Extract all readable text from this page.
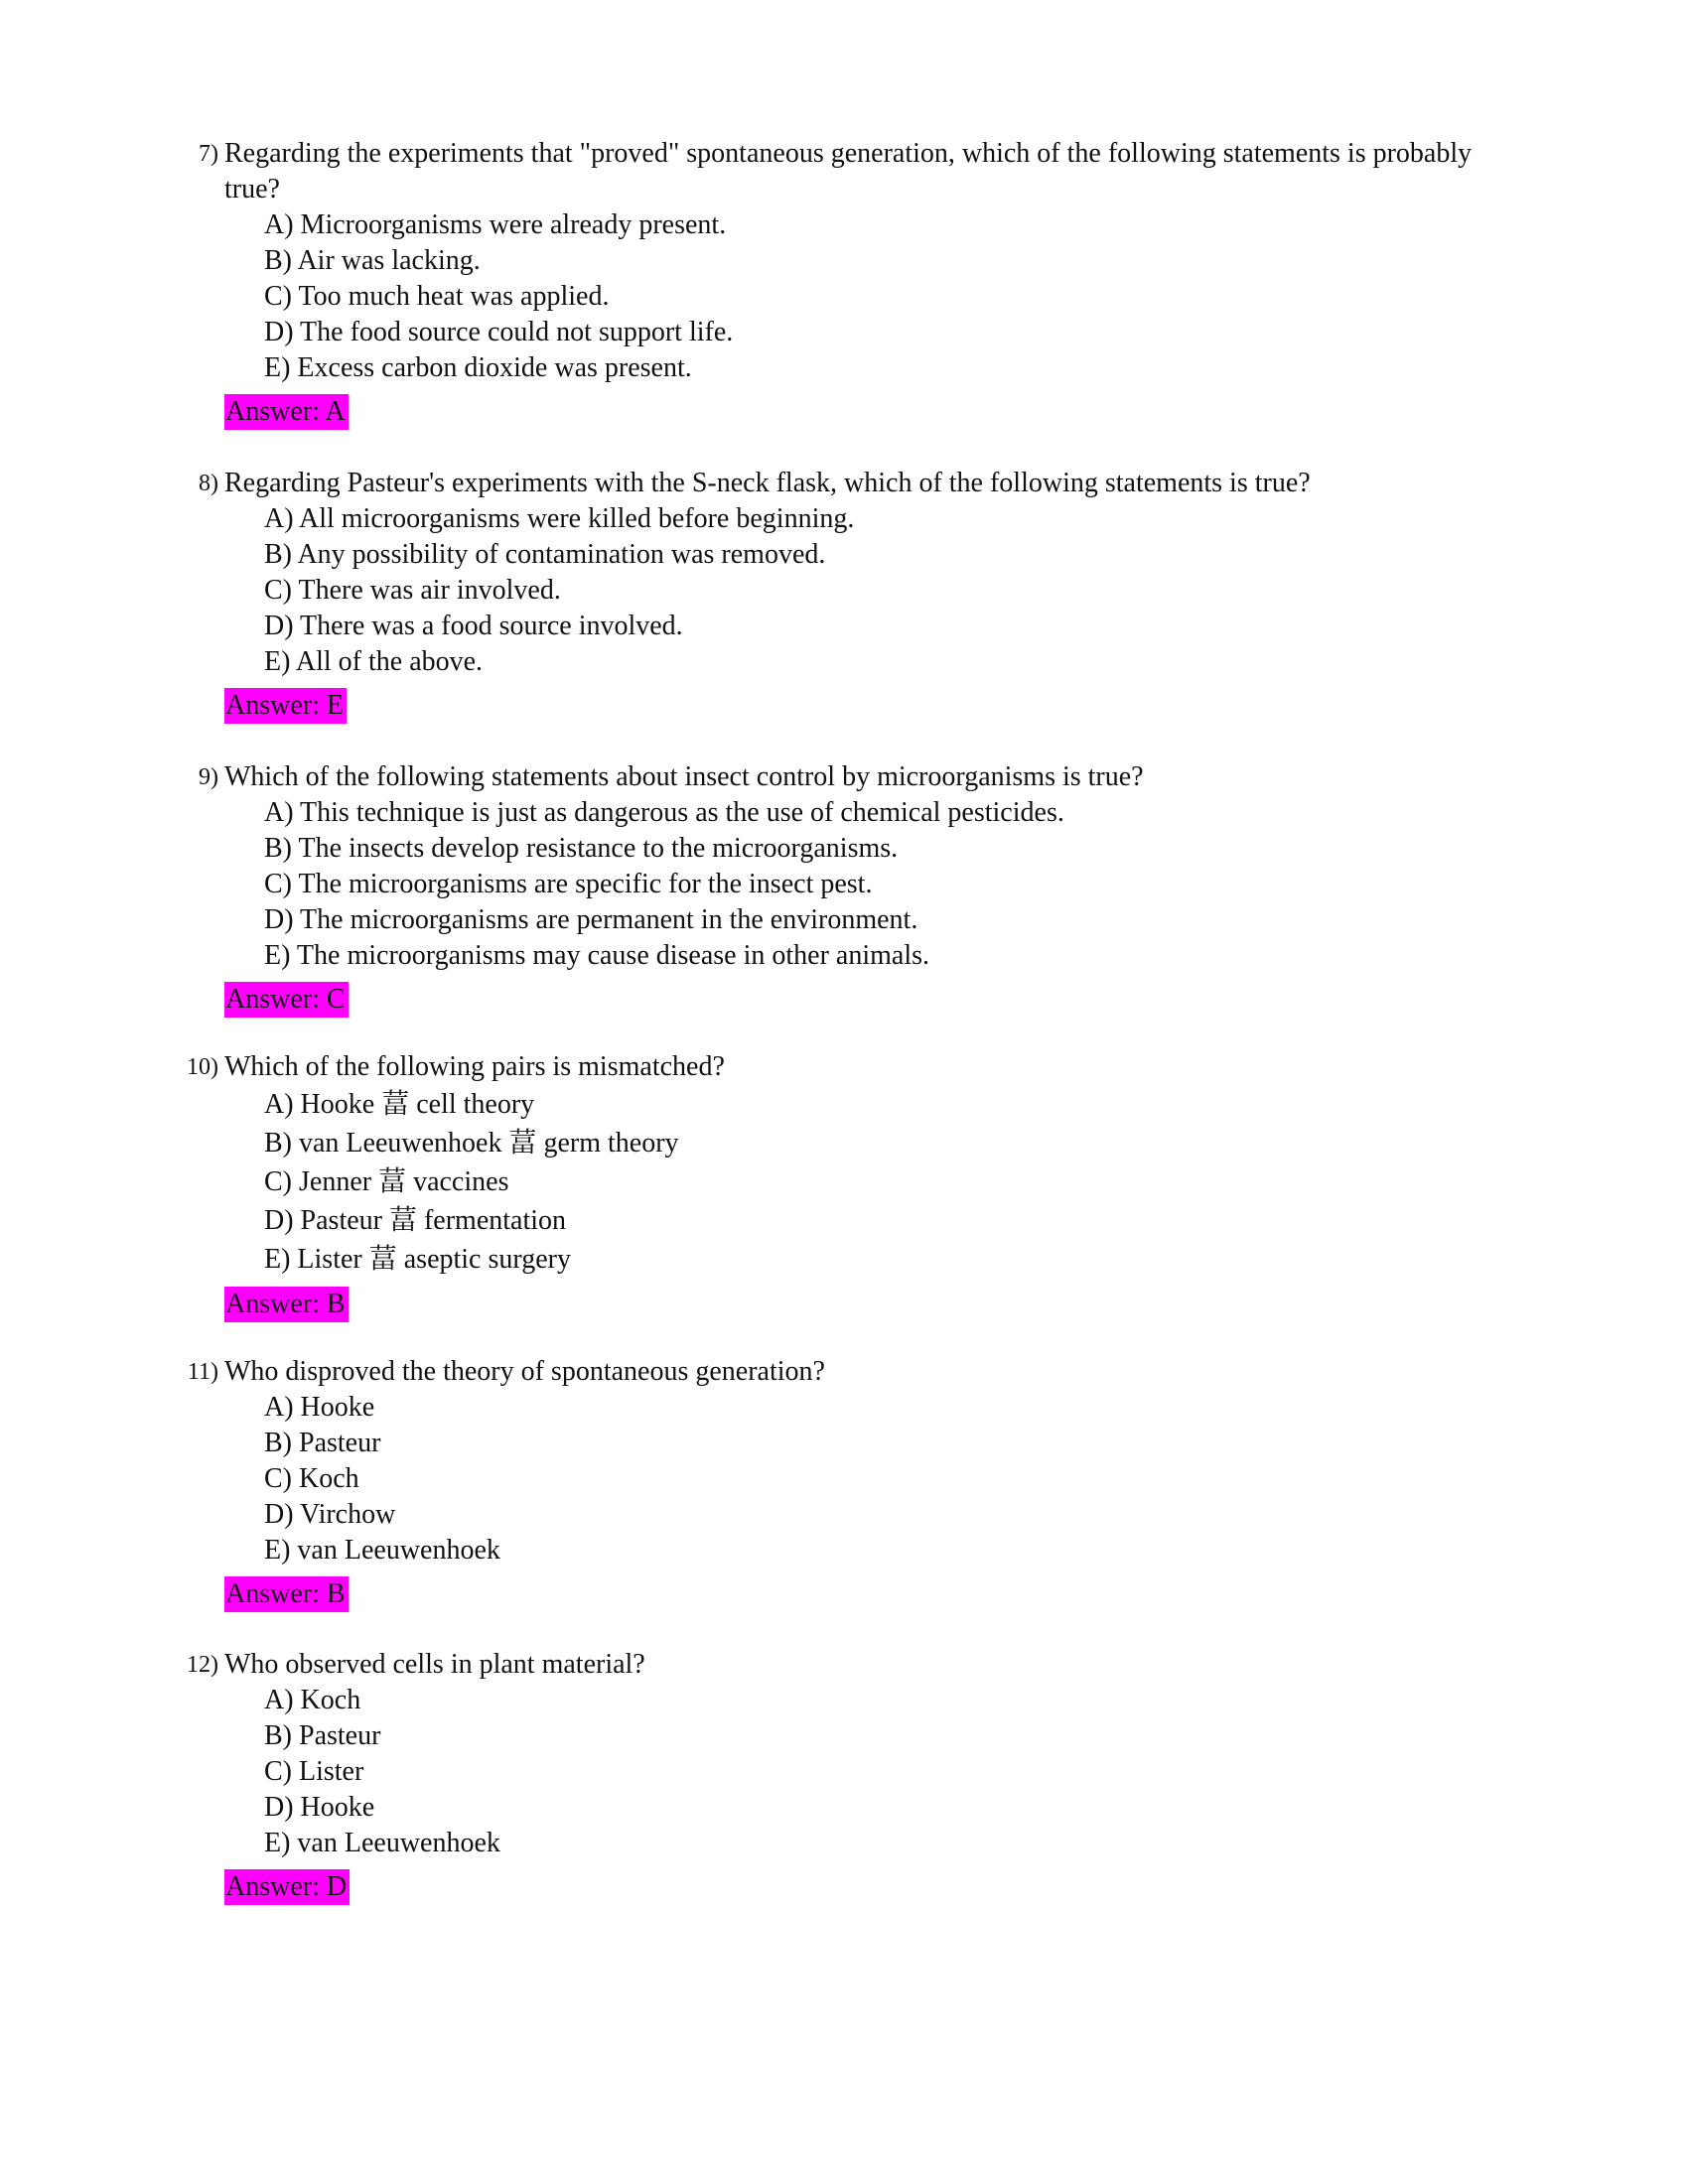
7) Regarding the experiments that "proved" spontaneous generation, which of the following statements is probably true?
A) Microorganisms were already present.
B) Air was lacking.
C) Too much heat was applied.
D) The food source could not support life.
E) Excess carbon dioxide was present.
Answer: A
8) Regarding Pasteur's experiments with the S-neck flask, which of the following statements is true?
A) All microorganisms were killed before beginning.
B) Any possibility of contamination was removed.
C) There was air involved.
D) There was a food source involved.
E) All of the above.
Answer: E
9) Which of the following statements about insect control by microorganisms is true?
A) This technique is just as dangerous as the use of chemical pesticides.
B) The insects develop resistance to the microorganisms.
C) The microorganisms are specific for the insect pest.
D) The microorganisms are permanent in the environment.
E) The microorganisms may cause disease in other animals.
Answer: C
10) Which of the following pairs is mismatched?
A) Hooke 葍 cell theory
B) van Leeuwenhoek 葍 germ theory
C) Jenner 葍 vaccines
D) Pasteur 葍 fermentation
E) Lister 葍 aseptic surgery
Answer: B
11) Who disproved the theory of spontaneous generation?
A) Hooke
B) Pasteur
C) Koch
D) Virchow
E) van Leeuwenhoek
Answer: B
12) Who observed cells in plant material?
A) Koch
B) Pasteur
C) Lister
D) Hooke
E) van Leeuwenhoek
Answer: D
